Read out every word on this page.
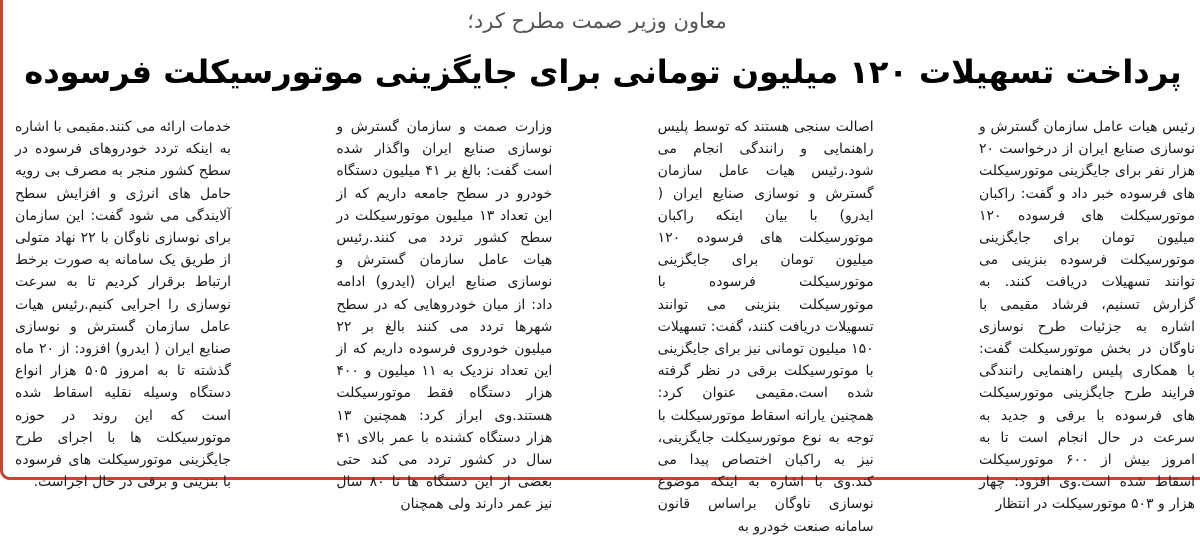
معاون وزیر صمت مطرح کرد؛
پرداخت تسهیلات ۱۲۰ میلیون تومانی برای جایگزینی موتورسیکلت فرسوده
رئیس هیات عامل سازمان گسترش و نوسازی صنایع ایران از درخواست ۲۰ هزار نفر برای جایگزینی موتورسیکلت های فرسوده خبر داد و گفت: راکبان موتورسیکلت های فرسوده ۱۲۰ میلیون تومان برای جایگزینی موتورسیکلت فرسوده بنزینی می توانند تسهیلات دریافت کنند. به گزارش تسنیم، فرشاد مقیمی با اشاره به جزئیات طرح نوسازی ناوگان در بخش موتورسیکلت گفت: با همکاری پلیس راهنمایی رانندگی فرایند طرح جایگزینی موتورسیکلت های فرسوده با برقی و جدید به سرعت در حال انجام است تا به امروز بیش از ۶۰۰ موتورسیکلت اسقاط شده است.وی افزود: چهار هزار و ۵۰۳ موتورسیکلت در انتظار
اصالت سنجی هستند که توسط پلیس راهنمایی و رانندگی انجام می شود.رئیس هیات عامل سازمان گسترش و نوسازی صنایع ایران ( ایدرو) با بیان اینکه راکبان موتورسیکلت های فرسوده ۱۲۰ میلیون تومان برای جایگزینی موتورسیکلت فرسوده با موتورسیکلت بنزینی می توانند تسهیلات دریافت کنند، گفت: تسهیلات ۱۵۰ میلیون تومانی نیز برای جایگزینی با موتورسیکلت برقی در نظر گرفته شده است.مقیمی عنوان کرد: همچنین یارانه اسقاط موتورسیکلت با توجه به نوع موتورسیکلت جایگزینی، نیز به راکبان اختصاص پیدا می کند.وی با اشاره به اینکه موضوع نوسازی ناوگان براساس قانون سامانه صنعت خودرو به
وزارت صمت و سازمان گسترش و نوسازی صنایع ایران واگذار شده است گفت: بالغ بر ۴۱ میلیون دستگاه خودرو در سطح جامعه داریم که از این تعداد ۱۳ میلیون موتورسیکلت در سطح کشور تردد می کنند.رئیس هیات عامل سازمان گسترش و نوسازی صنایع ایران (ایدرو) ادامه داد: از میان خودروهایی که در سطح شهرها تردد می کنند بالغ بر ۲۲ میلیون خودروی فرسوده داریم که از این تعداد نزدیک به ۱۱ میلیون و ۴۰۰ هزار دستگاه فقط موتورسیکلت هستند.وی ابراز کرد: همچنین ۱۳ هزار دستگاه کشنده با عمر بالای ۴۱ سال در کشور تردد می کند حتی بعضی از این دستگاه ها تا ۸۰ سال نیز عمر دارند ولی همچنان
خدمات ارائه می کنند.مقیمی با اشاره به اینکه تردد خودروهای فرسوده در سطح کشور منجر به مصرف بی رویه حامل های انرژی و افزایش سطح آلایندگی می شود گفت: این سازمان برای نوسازی ناوگان با ۲۲ نهاد متولی از طریق یک سامانه به صورت برخط ارتباط برقرار کردیم تا به سرعت نوسازی را اجرایی کنیم.رئیس هیات عامل سازمان گسترش و نوسازی صنایع ایران ( ایدرو) افزود: از ۲۰ ماه گذشته تا به امروز ۵۰۵ هزار انواع دستگاه وسیله نقلیه اسقاط شده است که این روند در حوزه موتورسیکلت ها با اجرای طرح جایگزینی موتورسیکلت های فرسوده با بنزینی و برقی در حال اجراست.
